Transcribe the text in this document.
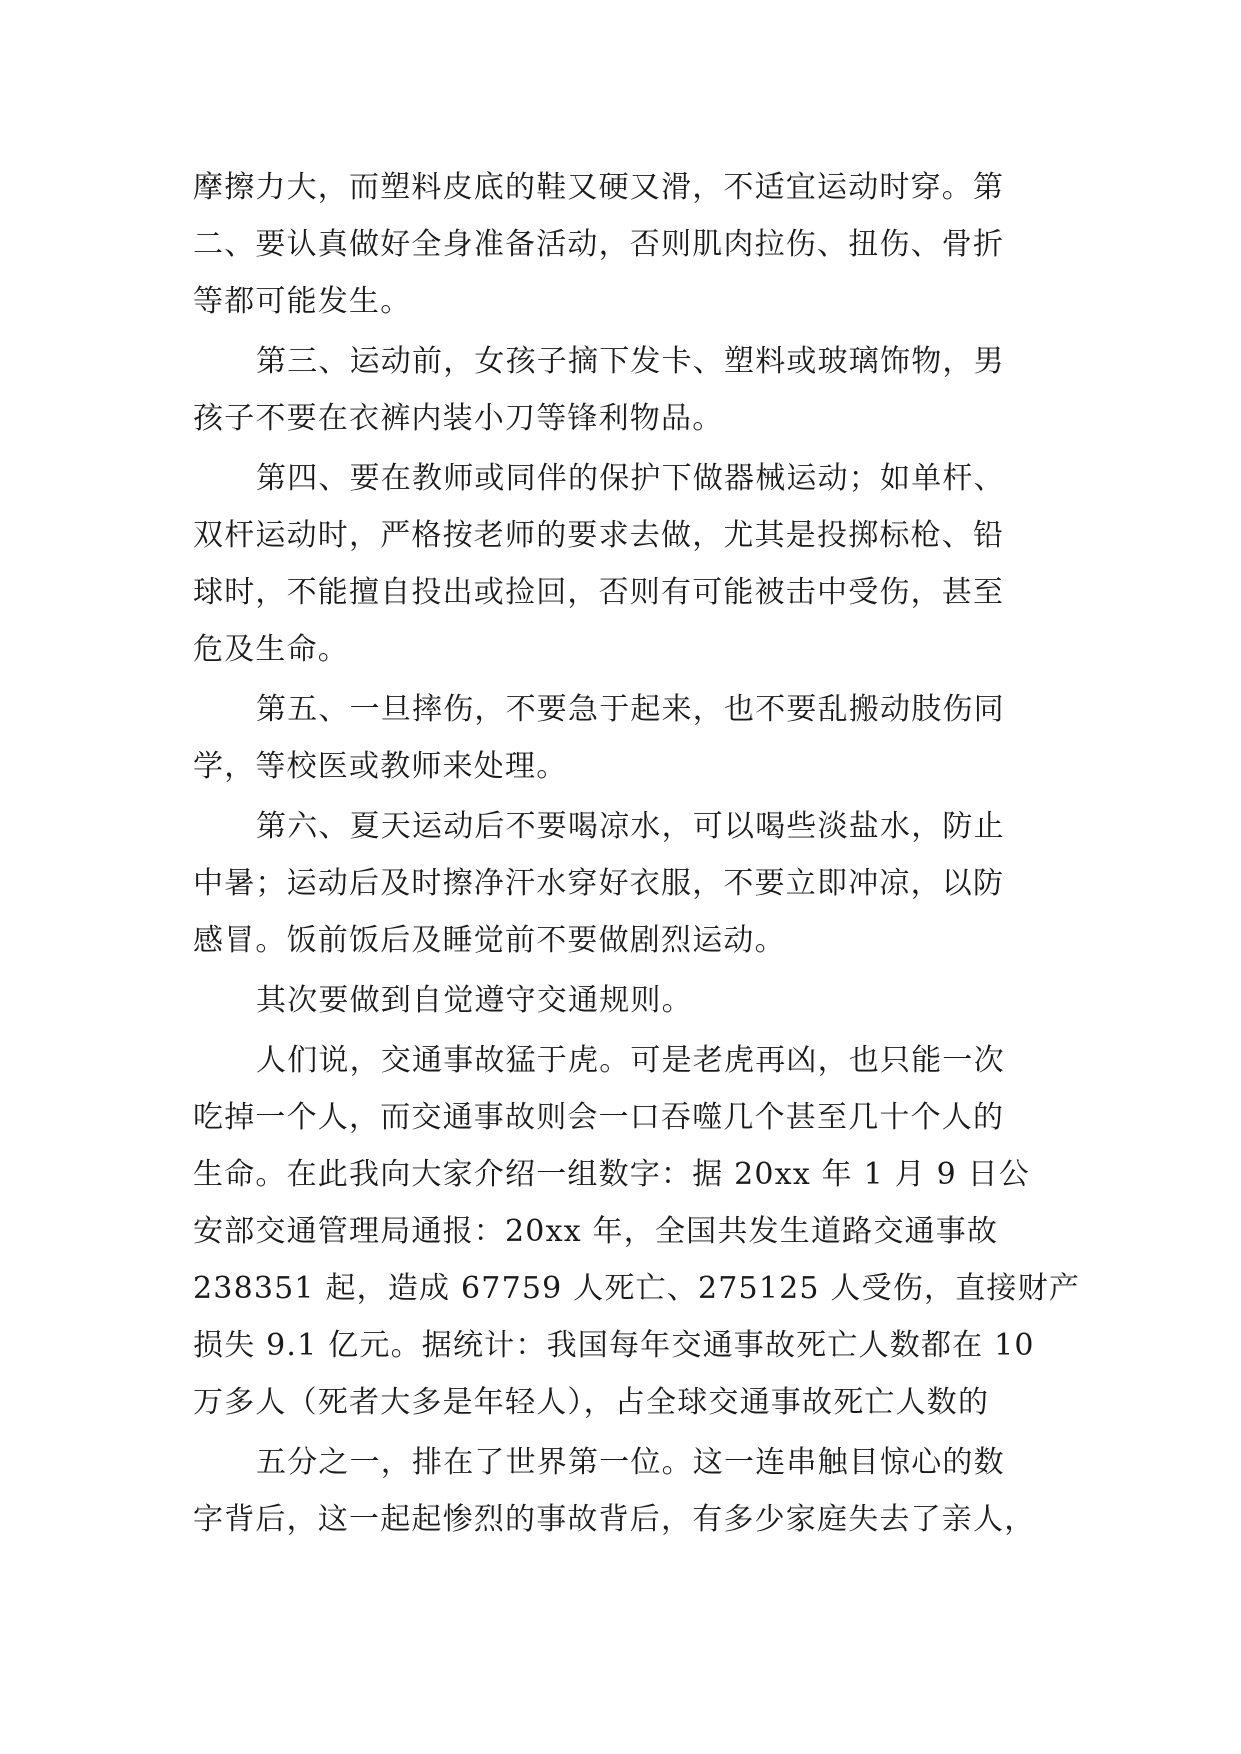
摩擦力大，而塑料皮底的鞋又硬又滑，不适宜运动时穿。第
二、要认真做好全身准备活动，否则肌肉拉伤、扭伤、骨折
等都可能发生。
第三、运动前，女孩子摘下发卡、塑料或玻璃饰物，男
孩子不要在衣裤内装小刀等锋利物品。
第四、要在教师或同伴的保护下做器械运动；如单杆、
双杆运动时，严格按老师的要求去做，尤其是投掷标枪、铅
球时，不能擅自投出或捡回，否则有可能被击中受伤，甚至
危及生命。
第五、一旦摔伤，不要急于起来，也不要乱搬动肢伤同
学，等校医或教师来处理。
第六、夏天运动后不要喝凉水，可以喝些淡盐水，防止
中暑；运动后及时擦净汗水穿好衣服，不要立即冲凉，以防
感冒。饭前饭后及睡觉前不要做剧烈运动。
其次要做到自觉遵守交通规则。
人们说，交通事故猛于虎。可是老虎再凶，也只能一次
吃掉一个人，而交通事故则会一口吞噬几个甚至几十个人的
生命。在此我向大家介绍一组数字：据 20xx 年 1 月 9 日公
安部交通管理局通报：20xx 年，全国共发生道路交通事故
238351 起，造成 67759 人死亡、275125 人受伤，直接财产
损失 9.1 亿元。据统计：我国每年交通事故死亡人数都在 10
万多人（死者大多是年轻人），占全球交通事故死亡人数的
五分之一，排在了世界第一位。这一连串触目惊心的数
字背后，这一起起惨烈的事故背后，有多少家庭失去了亲人，
